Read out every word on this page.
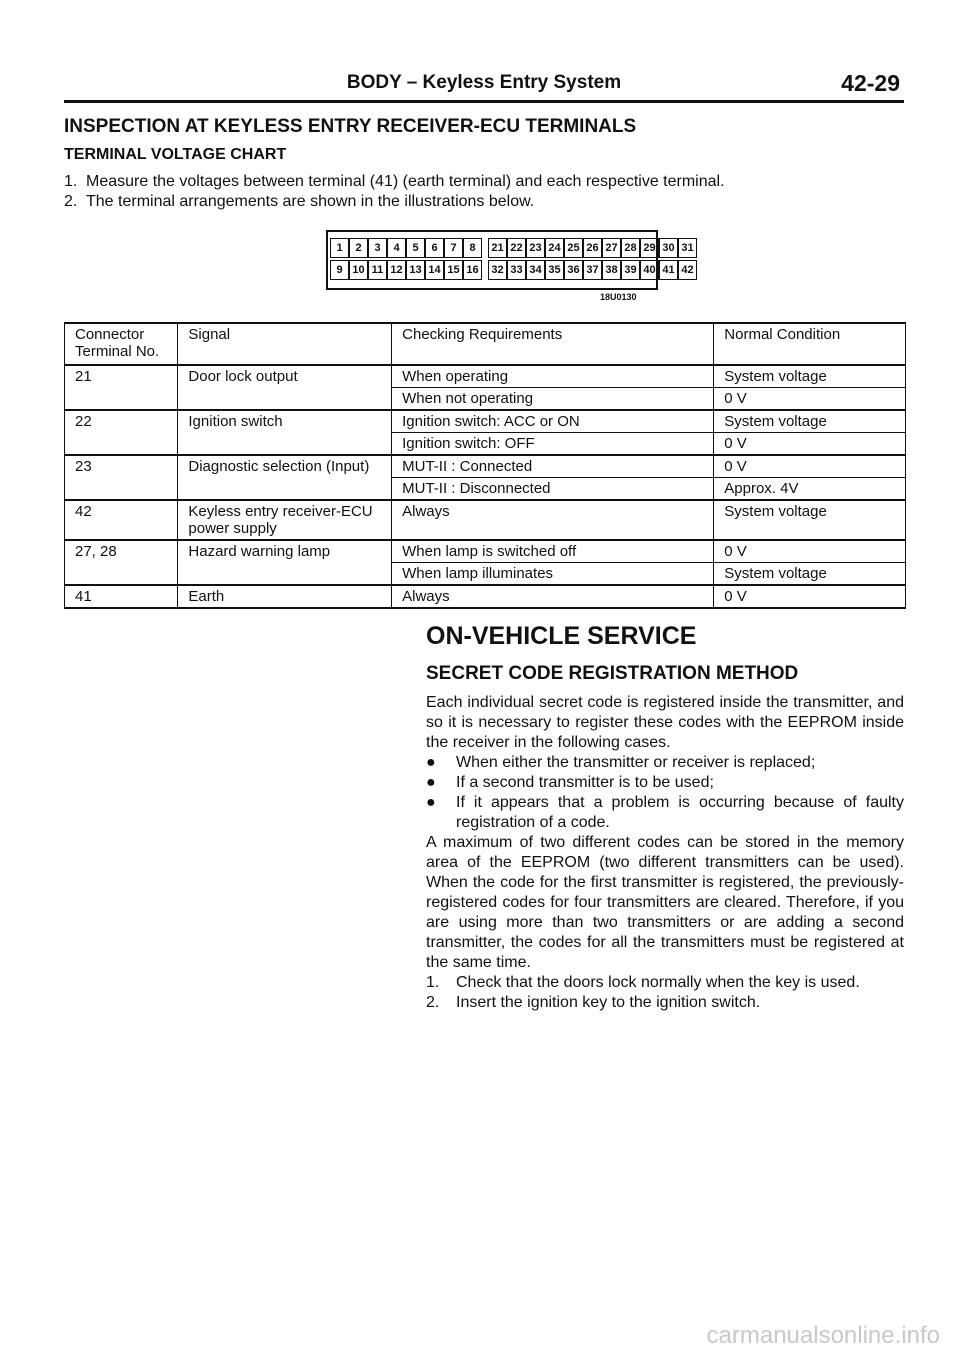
BODY – Keyless Entry System	42-29
INSPECTION AT KEYLESS ENTRY RECEIVER-ECU TERMINALS
TERMINAL VOLTAGE CHART
1. Measure the voltages between terminal (41) (earth terminal) and each respective terminal.
2. The terminal arrangements are shown in the illustrations below.
1	2	3	4	5	6	7	8	21 22 23 24 25 26 27 28 29 30 31
9 10 11 12 13 14 15 16	32 33 34 35 36 37 38 39 40 41 42
18U0130
Connector Terminal No.	Signal	Checking Requirements	Normal Condition
21	Door lock output	When operating	System voltage
		When not operating	0 V
22	Ignition switch	Ignition switch: ACC or ON	System voltage
		Ignition switch: OFF	0 V
23	Diagnostic selection (Input)	MUT-II : Connected	0 V
		MUT-II : Disconnected	Approx. 4V
42	Keyless entry receiver-ECU power supply	Always	System voltage
27, 28	Hazard warning lamp	When lamp is switched off	0 V
		When lamp illuminates	System voltage
41	Earth	Always	0 V
ON-VEHICLE SERVICE
SECRET CODE REGISTRATION METHOD

Each individual secret code is registered inside the transmitter, and so it is necessary to register these codes with the EEPROM inside the receiver in the following cases.

●	When either the transmitter or receiver is replaced;
●	If a second transmitter is to be used;
●	If it appears that a problem is occurring because of faulty registration of a code.

A maximum of two different codes can be stored in the memory area of the EEPROM (two different transmitters can be used). When the code for the first transmitter is registered, the previously-registered codes for four transmitters are cleared. Therefore, if you are using more than two transmitters or are adding a second transmitter, the codes for all the transmitters must be registered at the same time.

1.	Check that the doors lock normally when the key is used.
2.	Insert the ignition key to the ignition switch.
carmanualsonline.info
